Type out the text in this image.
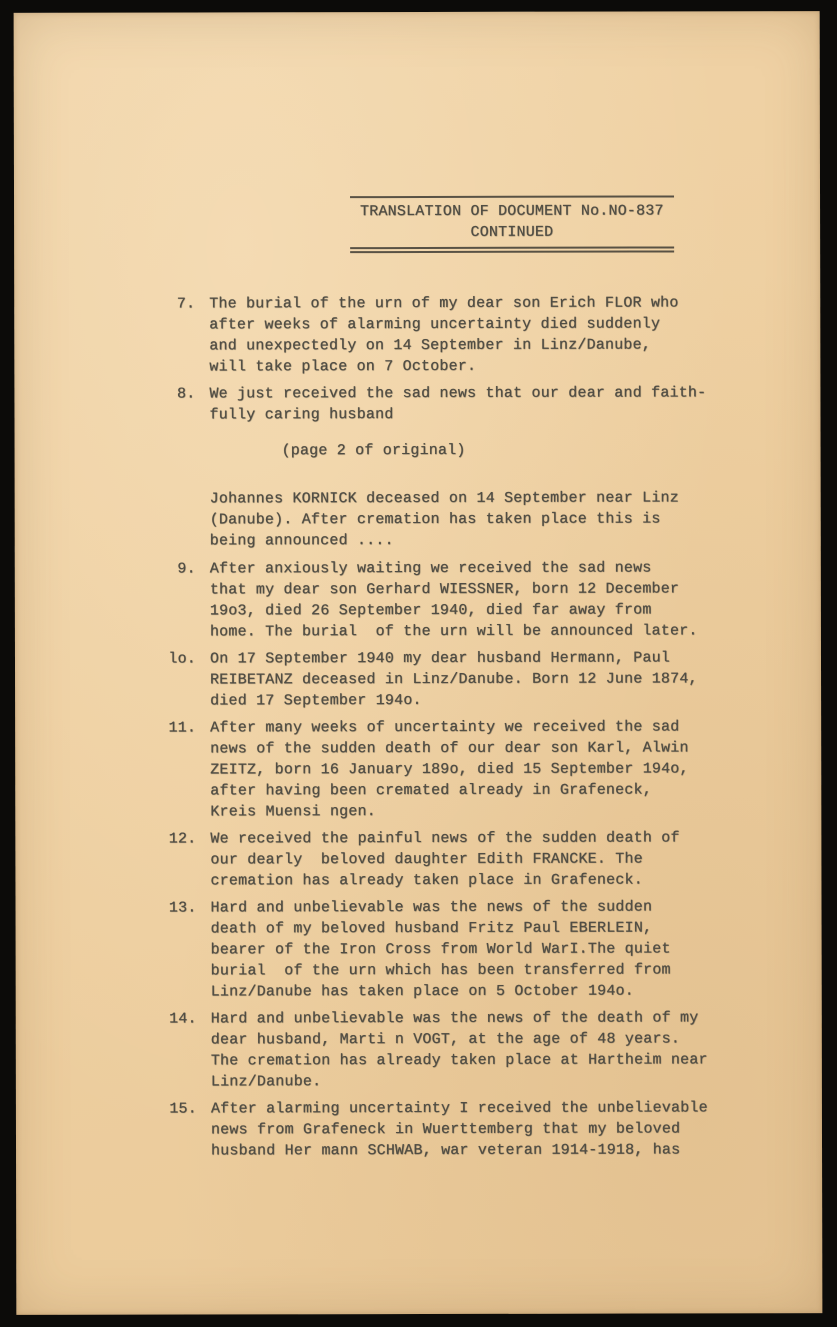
TRANSLATION OF DOCUMENT No.NO-837
CONTINUED
7. The burial of the urn of my dear son Erich FLOR who
after weeks of alarming uncertainty died suddenly
and unexpectedly on 14 September in Linz/Danube,
will take place on 7 October.
8. We just received the sad news that our dear and faith-
fully caring husband
(page 2 of original)
Johannes KORNICK deceased on 14 September near Linz
(Danube). After cremation has taken place this is
being announced ....
9. After anxiously waiting we received the sad news
that my dear son Gerhard WIESSNER, born 12 December
19o3, died 26 September 1940, died far away from
home. The burial  of the urn will be announced later.
lo. On 17 September 1940 my dear husband Hermann, Paul
REIBETANZ deceased in Linz/Danube. Born 12 June 1874,
died 17 September 194o.
11. After many weeks of uncertainty we received the sad
news of the sudden death of our dear son Karl, Alwin
ZEITZ, born 16 January 189o, died 15 September 194o,
after having been cremated already in Grafeneck,
Kreis Muensi ngen.
12. We received the painful news of the sudden death of
our dearly  beloved daughter Edith FRANCKE. The
cremation has already taken place in Grafeneck.
13. Hard and unbelievable was the news of the sudden
death of my beloved husband Fritz Paul EBERLEIN,
bearer of the Iron Cross from World WarI.The quiet
burial  of the urn which has been transferred from
Linz/Danube has taken place on 5 October 194o.
14. Hard and unbelievable was the news of the death of my
dear husband, Marti n VOGT, at the age of 48 years.
The cremation has already taken place at Hartheim near
Linz/Danube.
15. After alarming uncertainty I received the unbelievable
news from Grafeneck in Wuerttemberg that my beloved
husband Her mann SCHWAB, war veteran 1914-1918, has
